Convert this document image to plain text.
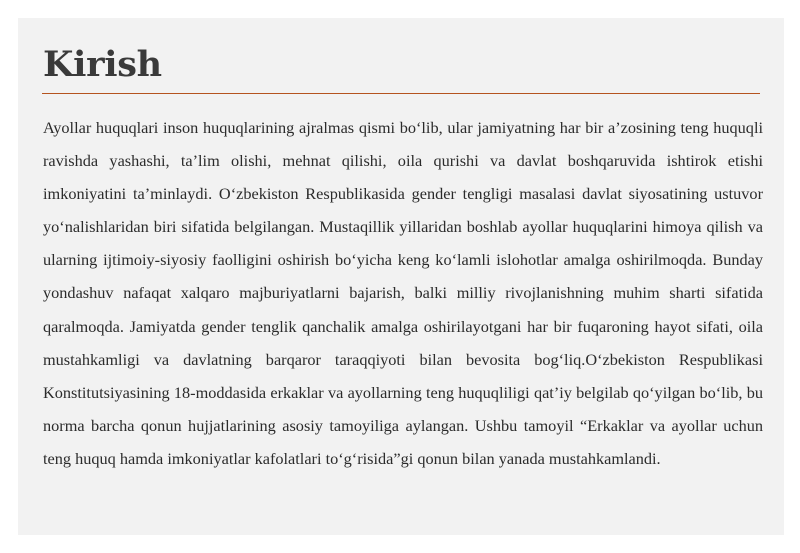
Kirish

Ayollar huquqlari inson huquqlarining ajralmas qismi bo‘lib, ular jamiyatning har bir a’zosining teng huquqli ravishda yashashi, ta’lim olishi, mehnat qilishi, oila qurishi va davlat boshqaruvida ishtirok etishi imkoniyatini ta’minlaydi. O‘zbekiston Respublikasida gender tengligi masalasi davlat siyosatining ustuvor yo‘nalishlaridan biri sifatida belgilangan. Mustaqillik yillaridan boshlab ayollar huquqlarini himoya qilish va ularning ijtimoiy-siyosiy faolligini oshirish bo‘yicha keng ko‘lamli islohotlar amalga oshirilmoqda. Bunday yondashuv nafaqat xalqaro majburiyatlarni bajarish, balki milliy rivojlanishning muhim sharti sifatida qaralmoqda. Jamiyatda gender tenglik qanchalik amalga oshirilayotgani har bir fuqaroning hayot sifati, oila mustahkamligi va davlatning barqaror taraqqiyoti bilan bevosita bog‘liq.O‘zbekiston Respublikasi Konstitutsiyasining 18-moddasida erkaklar va ayollarning teng huquqliligi qat’iy belgilab qo‘yilgan bo‘lib, bu norma barcha qonun hujjatlarining asosiy tamoyiliga aylangan. Ushbu tamoyil “Erkaklar va ayollar uchun teng huquq hamda imkoniyatlar kafolatlari to‘g‘risida”gi qonun bilan yanada mustahkamlandi.
